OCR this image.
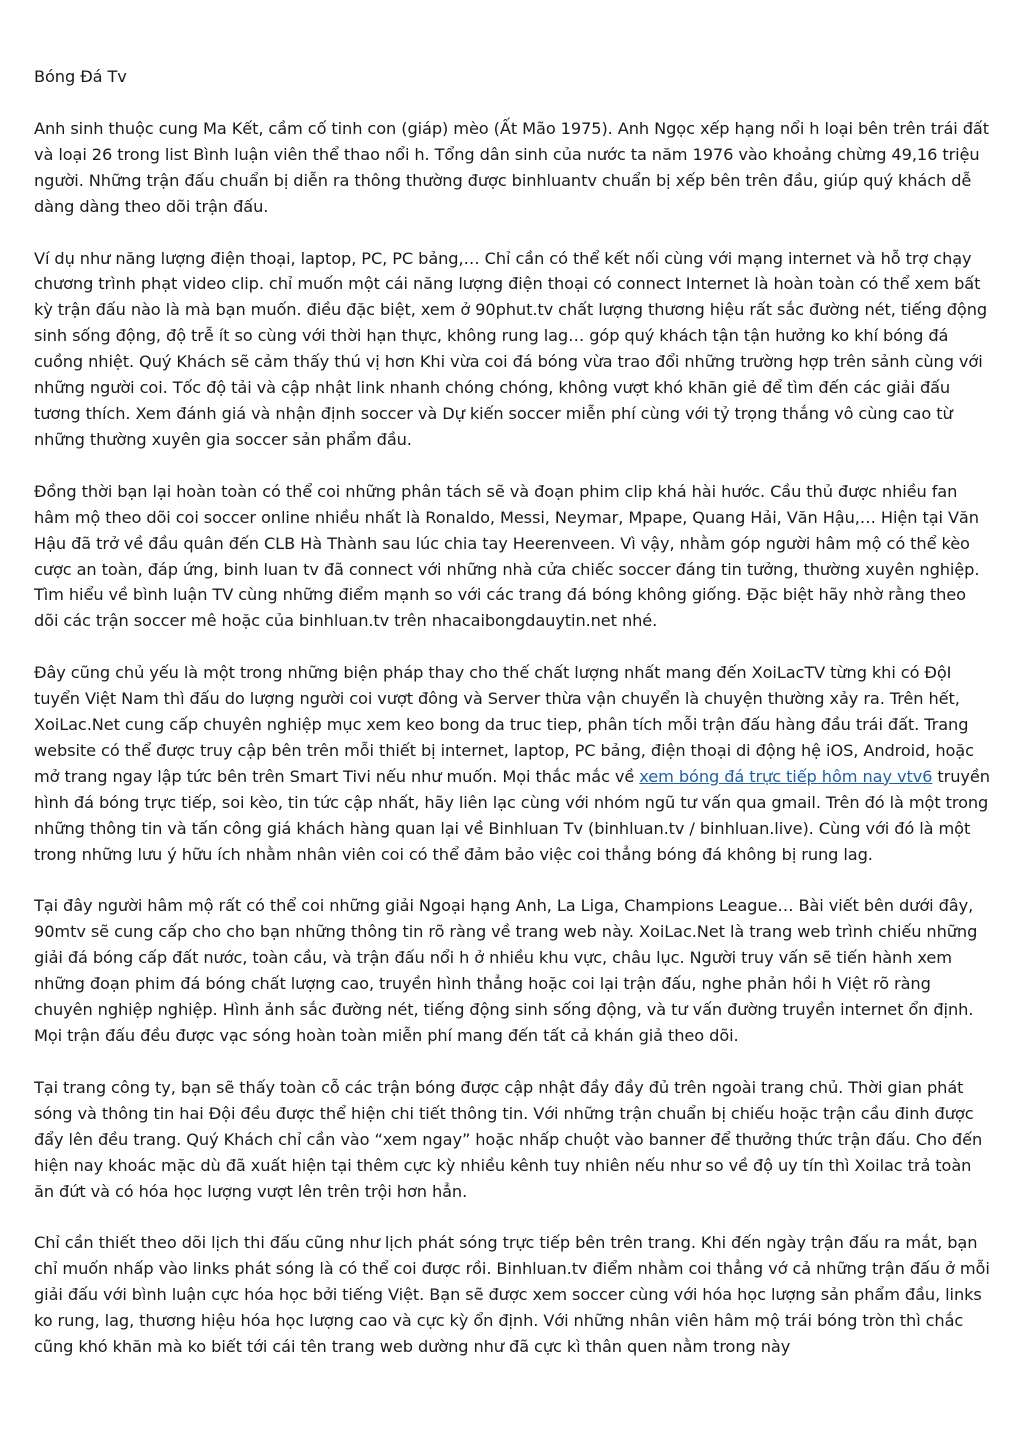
Bóng Đá Tv

Anh sinh thuộc cung Ma Kết, cầm cố tinh con (giáp) mèo (Ất Mão 1975). Anh Ngọc xếp hạng nổi h loại bên trên trái đất và loại 26 trong list Bình luận viên thể thao nổi h. Tổng dân sinh của nước ta năm 1976 vào khoảng chừng 49,16 triệu người. Những trận đấu chuẩn bị diễn ra thông thường được binhluantv chuẩn bị xếp bên trên đầu, giúp quý khách dễ dàng dàng theo dõi trận đấu.

Ví dụ như năng lượng điện thoại, laptop, PC, PC bảng,… Chỉ cần có thể kết nối cùng với mạng internet và hỗ trợ chạy chương trình phạt video clip. chỉ muốn một cái năng lượng điện thoại có connect Internet là hoàn toàn có thể xem bất kỳ trận đấu nào là mà bạn muốn. điều đặc biệt, xem ở 90phut.tv chất lượng thương hiệu rất sắc đường nét, tiếng động sinh sống động, độ trễ ít so cùng với thời hạn thực, không rung lag… góp quý khách tận tận hưởng ko khí bóng đá cuồng nhiệt. Quý Khách sẽ cảm thấy thú vị hơn Khi vừa coi đá bóng vừa trao đổi những trường hợp trên sảnh cùng với những người coi. Tốc độ tải và cập nhật link nhanh chóng chóng, không vượt khó khăn giẻ để tìm đến các giải đấu tương thích. Xem đánh giá và nhận định soccer và Dự kiến soccer miễn phí cùng với tỷ trọng thắng vô cùng cao từ những thường xuyên gia soccer sản phẩm đầu.

Đồng thời bạn lại hoàn toàn có thể coi những phân tách sẽ và đoạn phim clip khá hài hước. Cầu thủ được nhiều fan hâm mộ theo dõi coi soccer online nhiều nhất là Ronaldo, Messi, Neymar, Mpape, Quang Hải, Văn Hậu,… Hiện tại Văn Hậu đã trở về đầu quân đến CLB Hà Thành sau lúc chia tay Heerenveen. Vì vậy, nhằm góp người hâm mộ có thể kèo cược an toàn, đáp ứng, binh luan tv đã connect với những nhà cửa chiếc soccer đáng tin tưởng, thường xuyên nghiệp. Tìm hiểu về bình luận TV cùng những điểm mạnh so với các trang đá bóng không giống. Đặc biệt hãy nhờ rằng theo dõi các trận soccer mê hoặc của binhluan.tv trên nhacaibongdauytin.net nhé.

Đây cũng chủ yếu là một trong những biện pháp thay cho thế chất lượng nhất mang đến XoiLacTV từng khi có ĐộI tuyển Việt Nam thì đấu do lượng người coi vượt đông và Server thừa vận chuyển là chuyện thường xảy ra. Trên hết, XoiLac.Net cung cấp chuyên nghiệp mục xem keo bong da truc tiep, phân tích mỗi trận đấu hàng đầu trái đất. Trang website có thể được truy cập bên trên mỗi thiết bị internet, laptop, PC bảng, điện thoại di động hệ iOS, Android, hoặc mở trang ngay lập tức bên trên Smart Tivi nếu như muốn. Mọi thắc mắc về xem bóng đá trực tiếp hôm nay vtv6 truyền hình đá bóng trực tiếp, soi kèo, tin tức cập nhất, hãy liên lạc cùng với nhóm ngũ tư vấn qua gmail. Trên đó là một trong những thông tin và tấn công giá khách hàng quan lại về Binhluan Tv (binhluan.tv / binhluan.live). Cùng với đó là một trong những lưu ý hữu ích nhằm nhân viên coi có thể đảm bảo việc coi thẳng bóng đá không bị rung lag.

Tại đây người hâm mộ rất có thể coi những giải Ngoại hạng Anh, La Liga, Champions League… Bài viết bên dưới đây, 90mtv sẽ cung cấp cho cho bạn những thông tin rõ ràng về trang web này. XoiLac.Net là trang web trình chiếu những giải đá bóng cấp đất nước, toàn cầu, và trận đấu nổi h ở nhiều khu vực, châu lục. Người truy vấn sẽ tiến hành xem những đoạn phim đá bóng chất lượng cao, truyền hình thẳng hoặc coi lại trận đấu, nghe phản hồi h Việt rõ ràng chuyên nghiệp nghiệp. Hình ảnh sắc đường nét, tiếng động sinh sống động, và tư vấn đường truyền internet ổn định. Mọi trận đấu đều được vạc sóng hoàn toàn miễn phí mang đến tất cả khán giả theo dõi.

Tại trang công ty, bạn sẽ thấy toàn cỗ các trận bóng được cập nhật đầy đầy đủ trên ngoài trang chủ. Thời gian phát sóng và thông tin hai Đội đều được thể hiện chi tiết thông tin. Với những trận chuẩn bị chiếu hoặc trận cầu đinh được đẩy lên đều trang. Quý Khách chỉ cần vào “xem ngay” hoặc nhấp chuột vào banner để thưởng thức trận đấu. Cho đến hiện nay khoác mặc dù đã xuất hiện tại thêm cực kỳ nhiều kênh tuy nhiên nếu như so về độ uy tín thì Xoilac trả toàn ăn đứt và có hóa học lượng vượt lên trên trội hơn hẳn.

Chỉ cần thiết theo dõi lịch thi đấu cũng như lịch phát sóng trực tiếp bên trên trang. Khi đến ngày trận đấu ra mắt, bạn chỉ muốn nhấp vào links phát sóng là có thể coi được rồi. Binhluan.tv điểm nhằm coi thẳng vớ cả những trận đấu ở mỗi giải đấu với bình luận cực hóa học bởi tiếng Việt. Bạn sẽ được xem soccer cùng với hóa học lượng sản phẩm đầu, links ko rung, lag, thương hiệu hóa học lượng cao và cực kỳ ổn định. Với những nhân viên hâm mộ trái bóng tròn thì chắc cũng khó khăn mà ko biết tới cái tên trang web dường như đã cực kì thân quen nằm trong này
